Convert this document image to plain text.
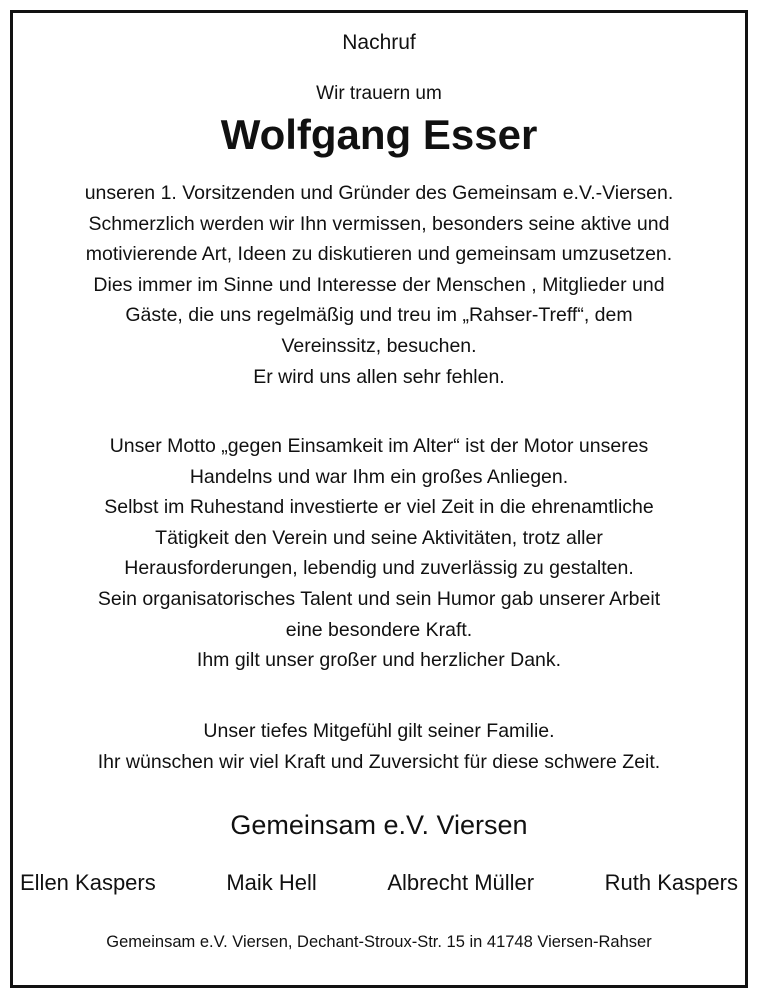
Nachruf
Wir trauern um
Wolfgang Esser
unseren 1. Vorsitzenden und Gründer des Gemeinsam e.V.-Viersen.
Schmerzlich werden wir Ihn vermissen, besonders seine aktive und
motivierende Art, Ideen zu diskutieren und gemeinsam umzusetzen.
Dies immer im Sinne und Interesse der Menschen , Mitglieder und
Gäste, die uns regelmäßig und treu im „Rahser-Treff“, dem
Vereinssitz, besuchen.
Er wird uns allen sehr fehlen.
Unser Motto „gegen Einsamkeit im Alter“ ist der Motor unseres
Handelns und war Ihm ein großes Anliegen.
Selbst im Ruhestand investierte er viel Zeit in die ehrenamtliche
Tätigkeit den Verein und seine Aktivitäten, trotz aller
Herausforderungen, lebendig und zuverlässig zu gestalten.
Sein organisatorisches Talent und sein Humor gab unserer Arbeit
eine besondere Kraft.
Ihm gilt unser großer und herzlicher Dank.
Unser tiefes Mitgefühl gilt seiner Familie.
Ihr wünschen wir viel Kraft und Zuversicht für diese schwere Zeit.
Gemeinsam e.V. Viersen
Ellen Kaspers	Maik Hell	Albrecht Müller	Ruth Kaspers
Gemeinsam e.V. Viersen, Dechant-Stroux-Str. 15 in 41748 Viersen-Rahser
